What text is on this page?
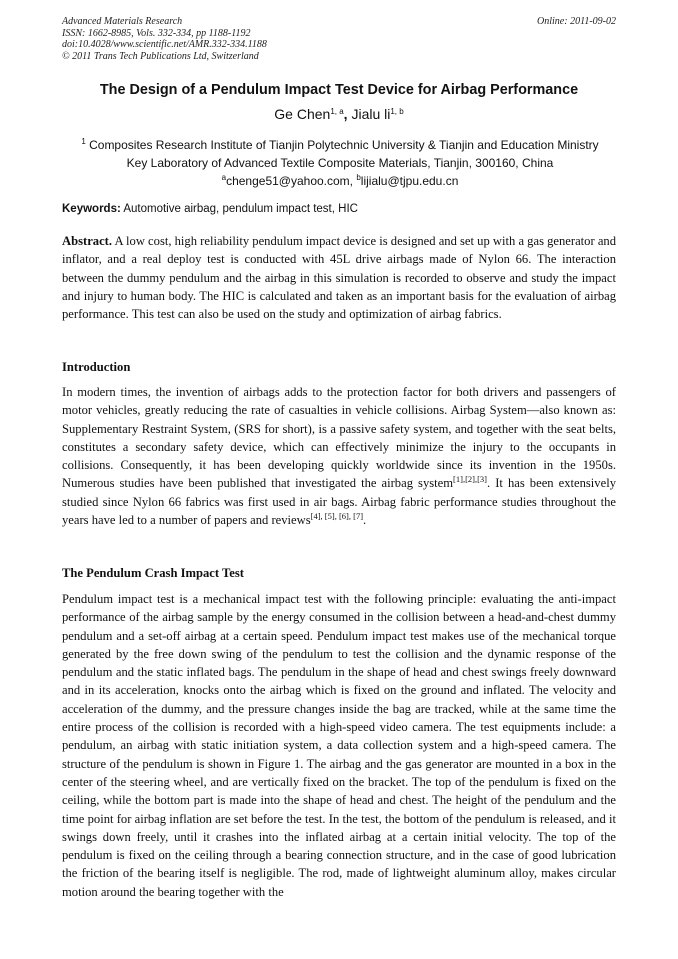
Advanced Materials Research
ISSN: 1662-8985, Vols. 332-334, pp 1188-1192
doi:10.4028/www.scientific.net/AMR.332-334.1188
© 2011 Trans Tech Publications Ltd, Switzerland
Online: 2011-09-02
The Design of a Pendulum Impact Test Device for Airbag Performance
Ge Chen$^{1, a}$, Jialu li$^{1, b}$
$^1$ Composites Research Institute of Tianjin Polytechnic University & Tianjin and Education Ministry
Key Laboratory of Advanced Textile Composite Materials, Tianjin, 300160, China
$^a$chenge51@yahoo.com, $^b$lijialu@tjpu.edu.cn
Keywords: Automotive airbag, pendulum impact test, HIC
Abstract. A low cost, high reliability pendulum impact device is designed and set up with a gas generator and inflator, and a real deploy test is conducted with 45L drive airbags made of Nylon 66. The interaction between the dummy pendulum and the airbag in this simulation is recorded to observe and study the impact and injury to human body. The HIC is calculated and taken as an important basis for the evaluation of airbag performance. This test can also be used on the study and optimization of airbag fabrics.
Introduction
In modern times, the invention of airbags adds to the protection factor for both drivers and passengers of motor vehicles, greatly reducing the rate of casualties in vehicle collisions. Airbag System—also known as: Supplementary Restraint System, (SRS for short), is a passive safety system, and together with the seat belts, constitutes a secondary safety device, which can effectively minimize the injury to the occupants in collisions. Consequently, it has been developing quickly worldwide since its invention in the 1950s. Numerous studies have been published that investigated the airbag system[1],[2],[3]. It has been extensively studied since Nylon 66 fabrics was first used in air bags. Airbag fabric performance studies throughout the years have led to a number of papers and reviews[4], [5], [6], [7].
The Pendulum Crash Impact Test
Pendulum impact test is a mechanical impact test with the following principle: evaluating the anti-impact performance of the airbag sample by the energy consumed in the collision between a head-and-chest dummy pendulum and a set-off airbag at a certain speed. Pendulum impact test makes use of the mechanical torque generated by the free down swing of the pendulum to test the collision and the dynamic response of the pendulum and the static inflated bags. The pendulum in the shape of head and chest swings freely downward and in its acceleration, knocks onto the airbag which is fixed on the ground and inflated. The velocity and acceleration of the dummy, and the pressure changes inside the bag are tracked, while at the same time the entire process of the collision is recorded with a high-speed video camera. The test equipments include: a pendulum, an airbag with static initiation system, a data collection system and a high-speed camera. The structure of the pendulum is shown in Figure 1. The airbag and the gas generator are mounted in a box in the center of the steering wheel, and are vertically fixed on the bracket. The top of the pendulum is fixed on the ceiling, while the bottom part is made into the shape of head and chest. The height of the pendulum and the time point for airbag inflation are set before the test. In the test, the bottom of the pendulum is released, and it swings down freely, until it crashes into the inflated airbag at a certain initial velocity. The top of the pendulum is fixed on the ceiling through a bearing connection structure, and in the case of good lubrication the friction of the bearing itself is negligible. The rod, made of lightweight aluminum alloy, makes circular motion around the bearing together with the
